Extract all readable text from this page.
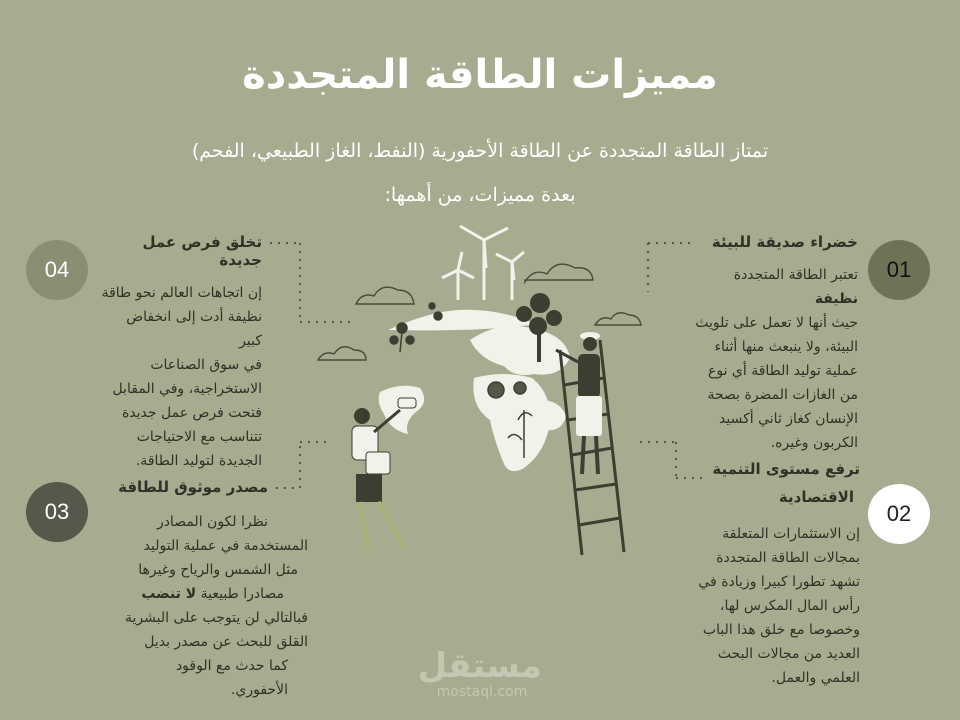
مميزات الطاقة المتجددة
تمتاز الطاقة المتجددة عن الطاقة الأحفورية (النفط، الغاز الطبيعي، الفحم)
بعدة مميزات، من أهمها:
01
02
03
04
خضراء صديقة للبيئة
تعتبر الطاقة المتجددة نظيفة
حيث أنها لا تعمل على تلويث
البيئة، ولا ينبعث منها أثناء
عملية توليد الطاقة أي نوع
من الغازات المضرة بصحة
الإنسان كغاز ثاني أكسيد
الكربون وغيره.
ترفع مستوى التنمية
الاقتصادية
إن الاستثمارات المتعلقة
بمجالات الطاقة المتجددة
تشهد تطورا كبيرا وزيادة في
رأس المال المكرس لها،
وخصوصا مع خلق هذا الباب
العديد من مجالات البحث
العلمي والعمل.
تخلق فرص عمل جديدة
إن اتجاهات العالم نحو طاقة
نظيفة أدت إلى انخفاض كبير
في سوق الصناعات
الاستخراجية، وفي المقابل
فتحت فرص عمل جديدة
تتناسب مع الاحتياجات
الجديدة لتوليد الطاقة.
مصدر موثوق للطاقة
نظرا لكون المصادر
المستخدمة في عملية التوليد
مثل الشمس والرياح وغيرها
مصادرا طبيعية لا تنضب
فبالتالي لن يتوجب على البشرية
القلق للبحث عن مصدر بديل
كما حدث مع الوقود
الأحفوري.
مستقل
mostaql.com
